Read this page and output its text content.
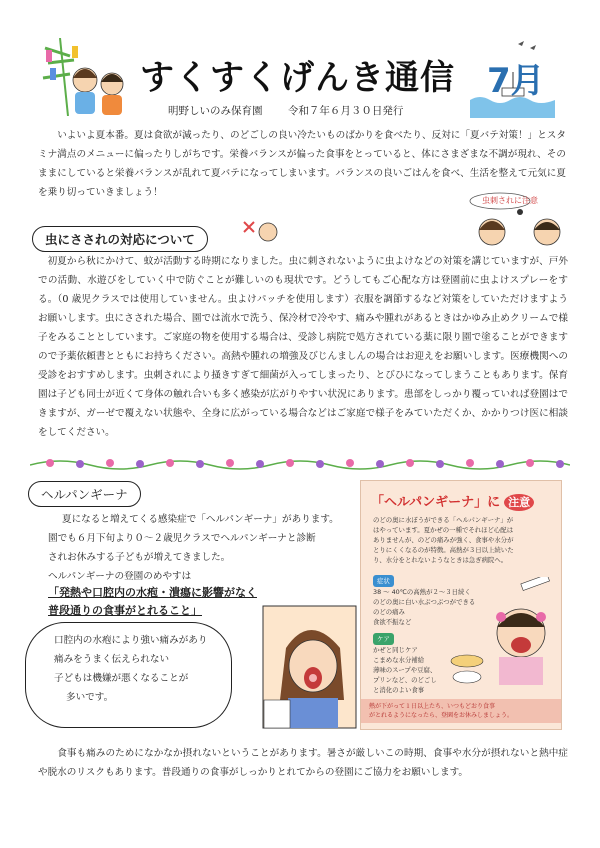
すくすくげんき通信 7月
明野しいのみ保育園 令和７年６月３０日発行
いよいよ夏本番。夏は食欲が減ったり、のどごしの良い冷たいものばかりを食べたり、反対に「夏バテ対策！」とスタミナ満点のメニューに偏ったりしがちです。栄養バランスが偏った食事をとっていると、体にさまざまな不調が現れ、そのままにしていると栄養バランスが乱れて夏バテになってしまいます。バランスの良いごはんを食べ、生活を整えて元気に夏を乗り切っていきましょう！
虫刺されに注意
虫にさされの対応について
初夏から秋にかけて、蚊が活動する時期になりました。虫に刺されないように虫よけなどの対策を講じていますが、戸外での活動、水遊びをしていく中で防ぐことが難しいのも現状です。どうしてもご心配な方は登園前に虫よけスプレーをする。（0 歳児クラスでは使用していません。虫よけパッチを使用します）衣服を調節するなど対策をしていただけますようお願いします。虫にさされた場合、園では流水で洗う、保冷材で冷やす、痛みや腫れがあるときはかゆみ止めクリームで様子をみることとしています。ご家庭の物を使用する場合は、受診し病院で処方されている薬に限り園で塗ることができますので予薬依頼書とともにお持ちください。高熱や腫れの増強及びじんましんの場合はお迎えをお願いします。医療機関への受診をおすすめします。虫刺されにより掻きすぎて細菌が入ってしまったり、とびひになってしまうこともあります。保育園は子ども同士が近くて身体の触れ合いも多く感染が広がりやすい状況にあります。患部をしっかり覆っていれば登園はできますが、ガーゼで覆えない状態や、全身に広がっている場合などはご家庭で様子をみていただくか、かかりつけ医に相談をしてください。
ヘルパンギーナ
夏になると増えてくる感染症で「ヘルパンギーナ」があります。
園でも６月下旬より０～２歳児クラスでヘルパンギーナと診断
されお休みする子どもが増えてきました。
ヘルパンギーナの登園のめやすは
「発熱や口腔内の水疱・潰瘍に影響がなく
普段通りの食事がとれること」
口腔内の水疱により強い痛みがあり
痛みをうまく伝えられない
子どもは機嫌が悪くなることが
多いです。
「ヘルパンギーナ」に 注意
のどの奥に水ぼうができる「ヘルパンギーナ」が
はやっています。夏かぜの一種でそれほど心配は
ありませんが、のどの痛みが強く、食事や水分が
とりにくくなるのが特徴。高熱が３日以上続いた
り、水分をとれないようなときは急ぎ病院へ。
症状
38 ～ 40℃の高熱が２～３日続く
のどの奥に白い水ぶつぶつができる
のどの痛み
食欲不振など
ケア
かぜと同じケア
こまめな水分補給
薄味のスープや豆腐、
プリンなど、のどごし
と消化のよい食事
熱が下がって１日以上たち、いつもどおり食事
がとれるようになったら、登園をお休みしましょう。
食事も痛みのためになかなか摂れないということがあります。暑さが厳しいこの時期、食事や水分が摂れないと熱中症や脱水のリスクもあります。普段通りの食事がしっかりとれてからの登園にご協力をお願いします。
